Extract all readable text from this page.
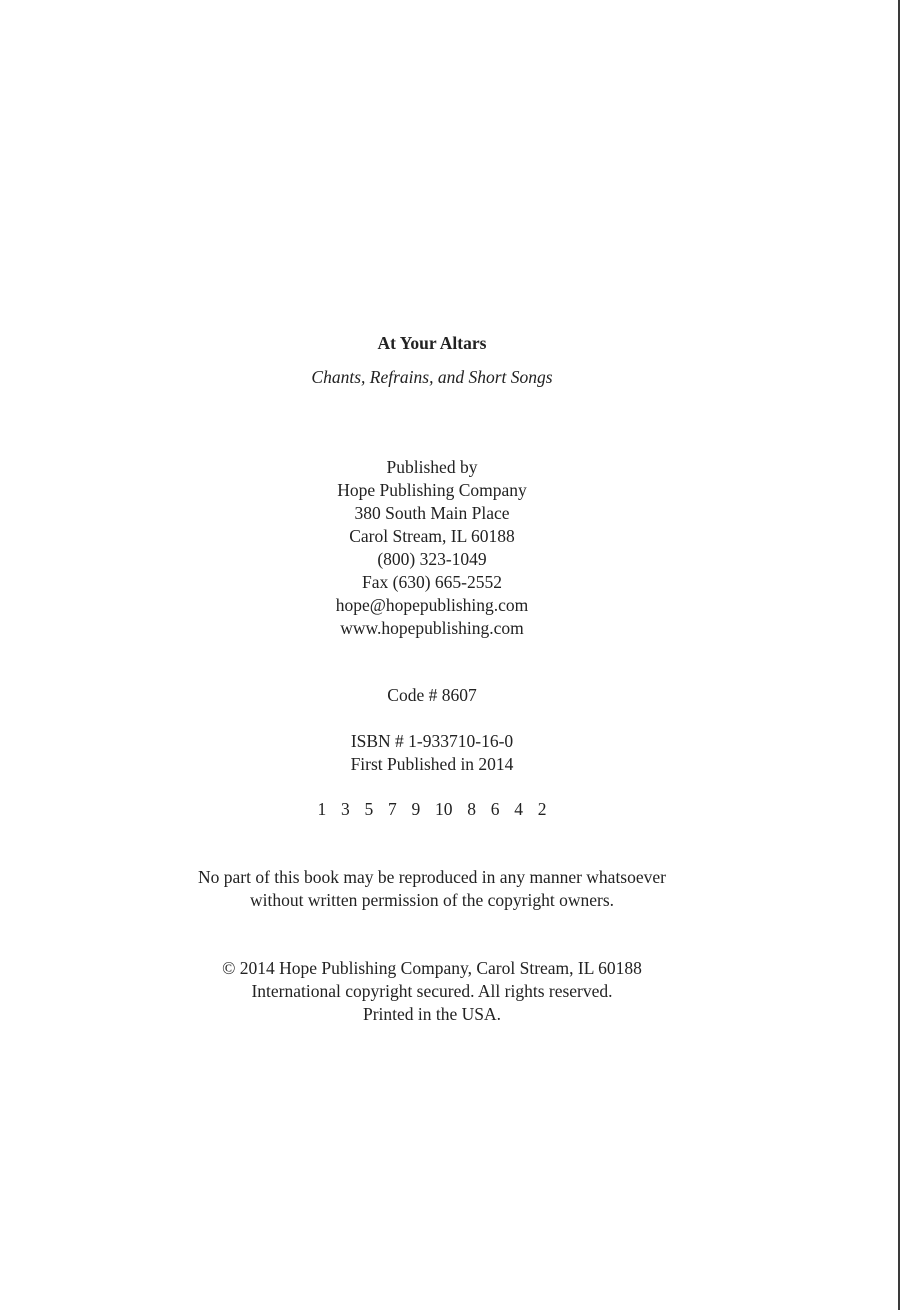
At Your Altars
Chants, Refrains, and Short Songs
Published by
Hope Publishing Company
380 South Main Place
Carol Stream, IL 60188
(800) 323-1049
Fax (630) 665-2552
hope@hopepublishing.com
www.hopepublishing.com
Code # 8607
ISBN # 1-933710-16-0
First Published in 2014
1  3  5  7  9  10  8  6  4  2
No part of this book may be reproduced in any manner whatsoever
without written permission of the copyright owners.
© 2014 Hope Publishing Company, Carol Stream, IL 60188
International copyright secured. All rights reserved.
Printed in the USA.
